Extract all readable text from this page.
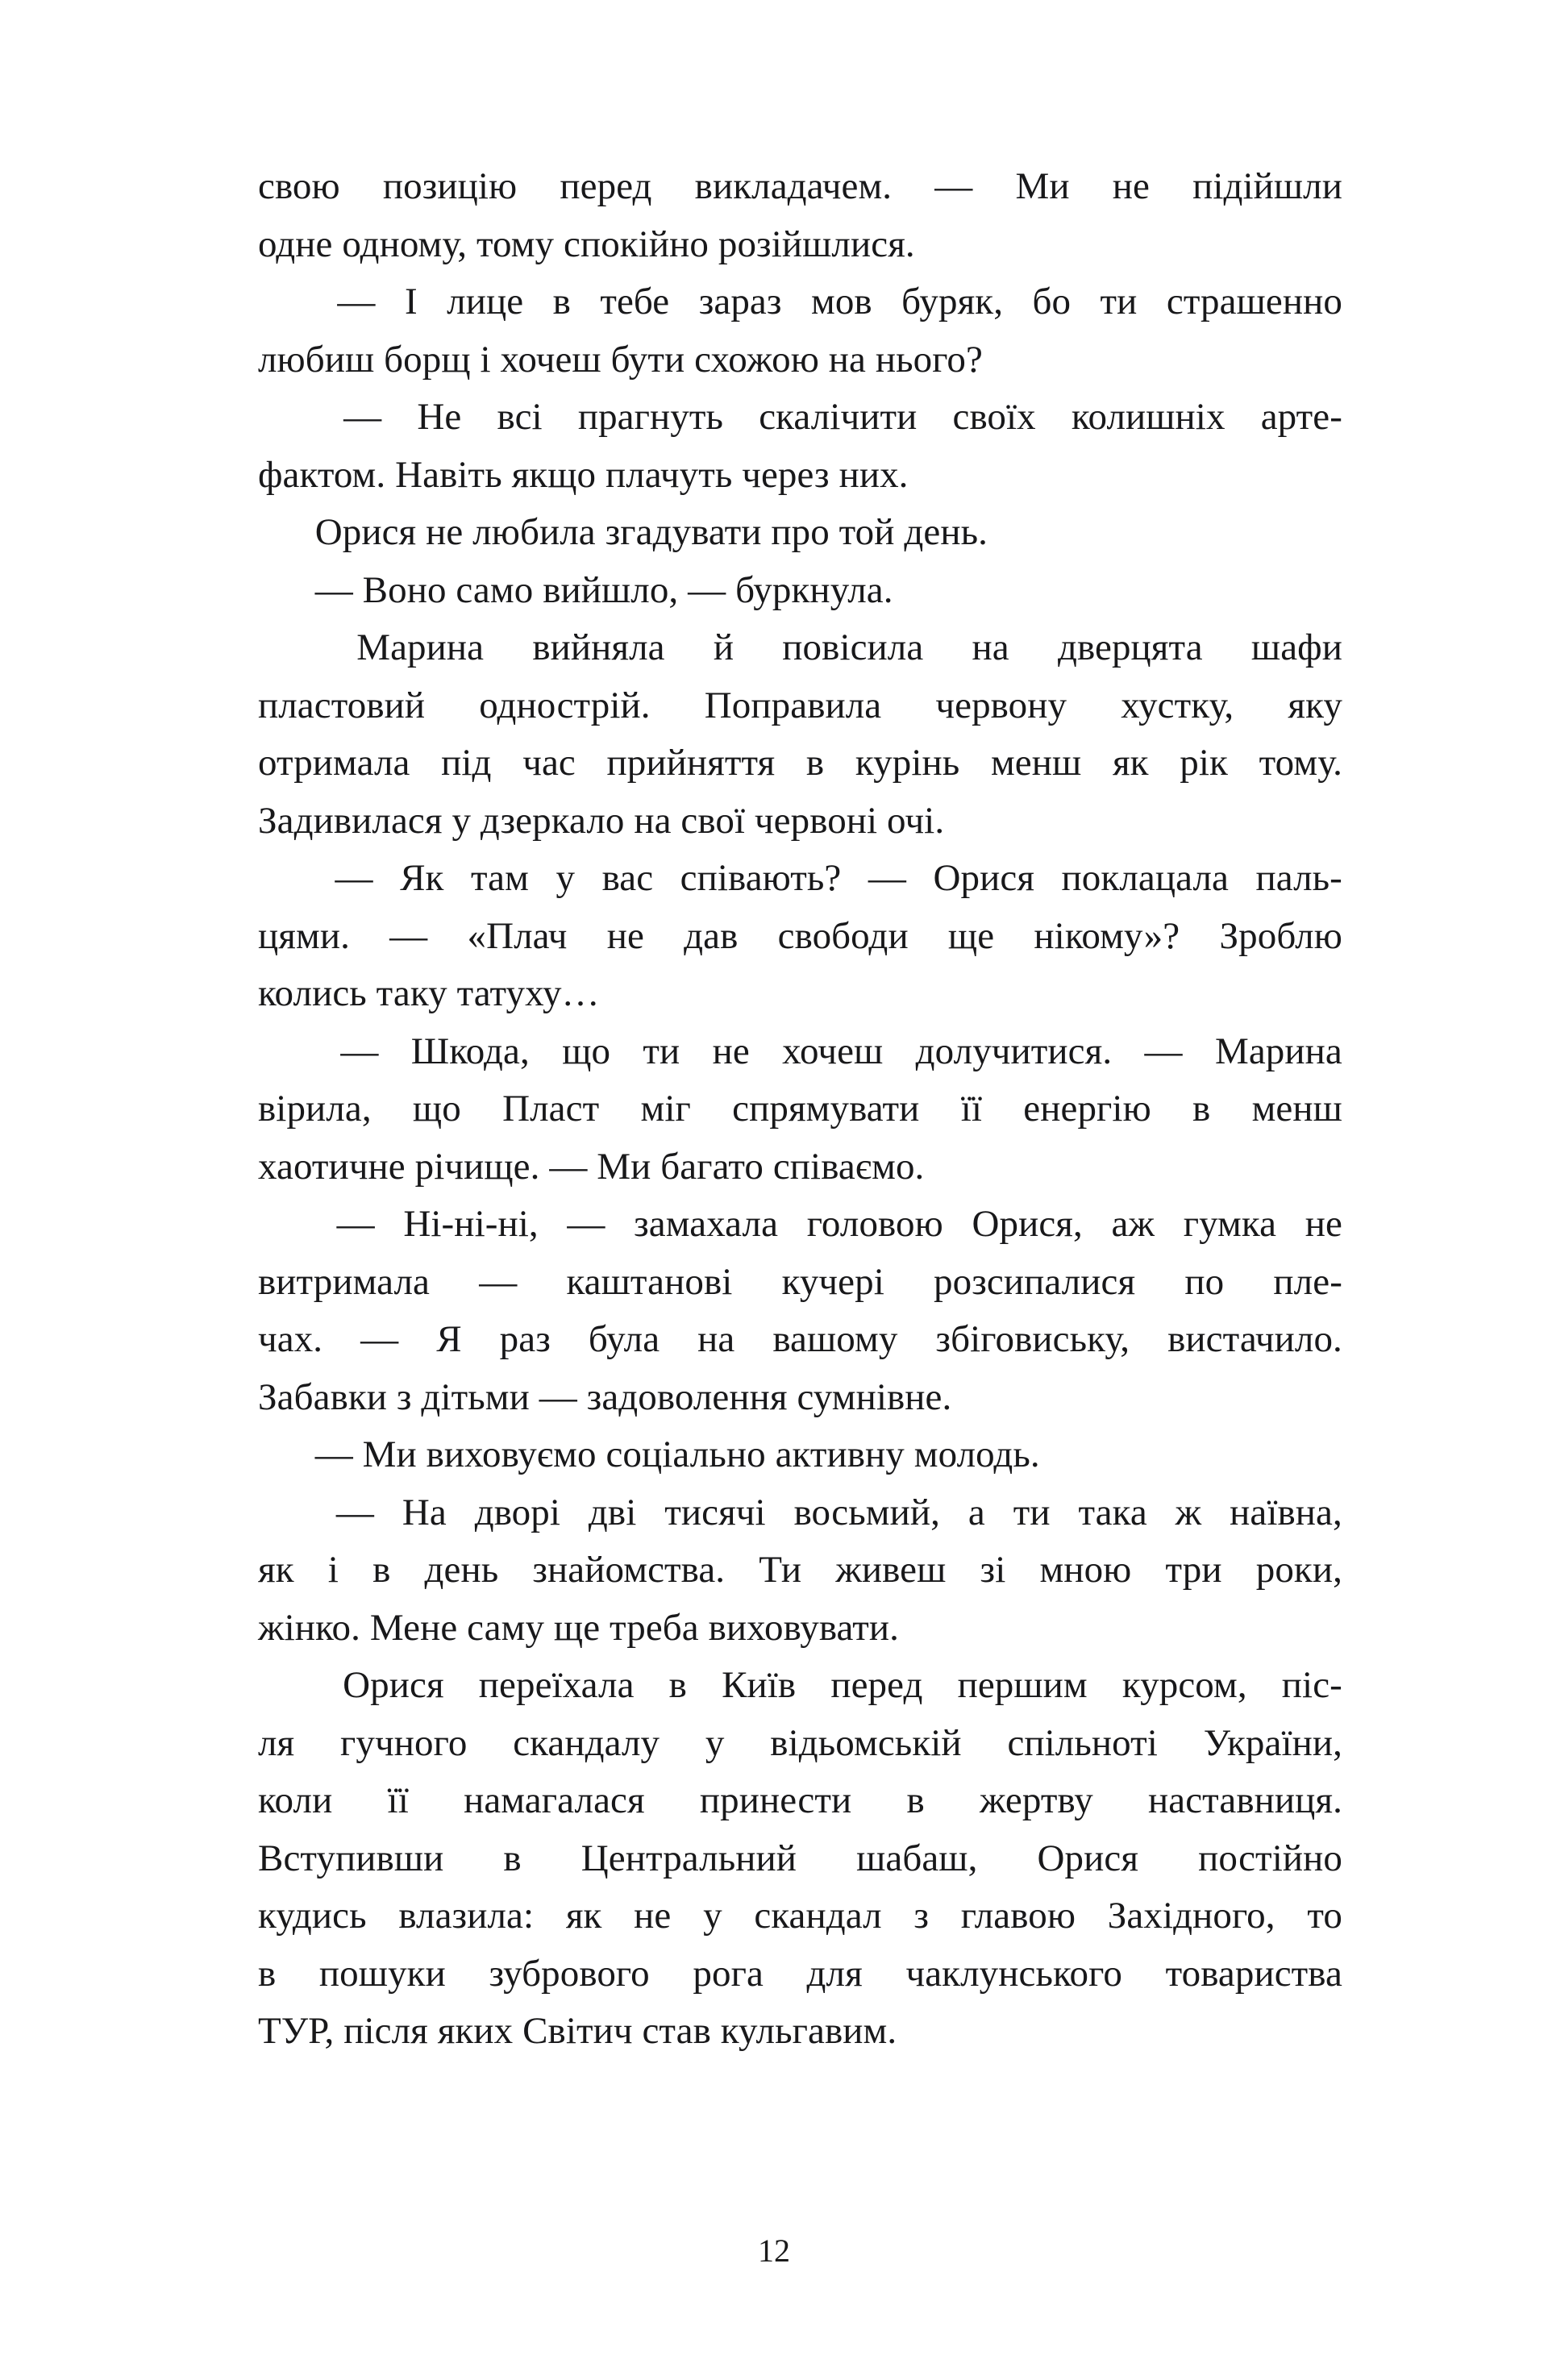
свою позицію перед викладачем. — Ми не підійшли
одне одному, тому спокійно розійшлися.
— І лице в тебе зараз мов буряк, бо ти страшенно
любиш борщ і хочеш бути схожою на нього?
— Не всі прагнуть скалічити своїх колишніх арте-
фактом. Навіть якщо плачуть через них.
  Орися не любила згадувати про той день.
  — Воно само вийшло, — буркнула.
Марина вийняла й повісила на дверцята шафи
пластовий однострій. Поправила червону хустку, яку
отримала під час прийняття в курінь менш як рік тому.
Задивилася у дзеркало на свої червоні очі.
— Як там у вас співають? — Орися поклацала паль-
цями. — «Плач не дав свободи ще нікому»? Зроблю
колись таку татуху…
— Шкода, що ти не хочеш долучитися. — Марина
вірила, що Пласт міг спрямувати її енергію в менш
хаотичне річище. — Ми багато співаємо.
— Ні-ні-ні, — замахала головою Орися, аж гумка не
витримала — каштанові кучері розсипалися по пле-
чах. — Я раз була на вашому збіговиську, вистачило.
Забавки з дітьми — задоволення сумнівне.
  — Ми виховуємо соціально активну молодь.
— На дворі дві тисячі восьмий, а ти така ж наївна,
як і в день знайомства. Ти живеш зі мною три роки,
жінко. Мене саму ще треба виховувати.
Орися переїхала в Київ перед першим курсом, піс-
ля гучного скандалу у відьомській спільноті України,
коли її намагалася принести в жертву наставниця.
Вступивши в Центральний шабаш, Орися постійно
кудись влазила: як не у скандал з главою Західного, то
в пошуки зубрового рога для чаклунського товариства
ТУР, після яких Світич став кульгавим.
12
